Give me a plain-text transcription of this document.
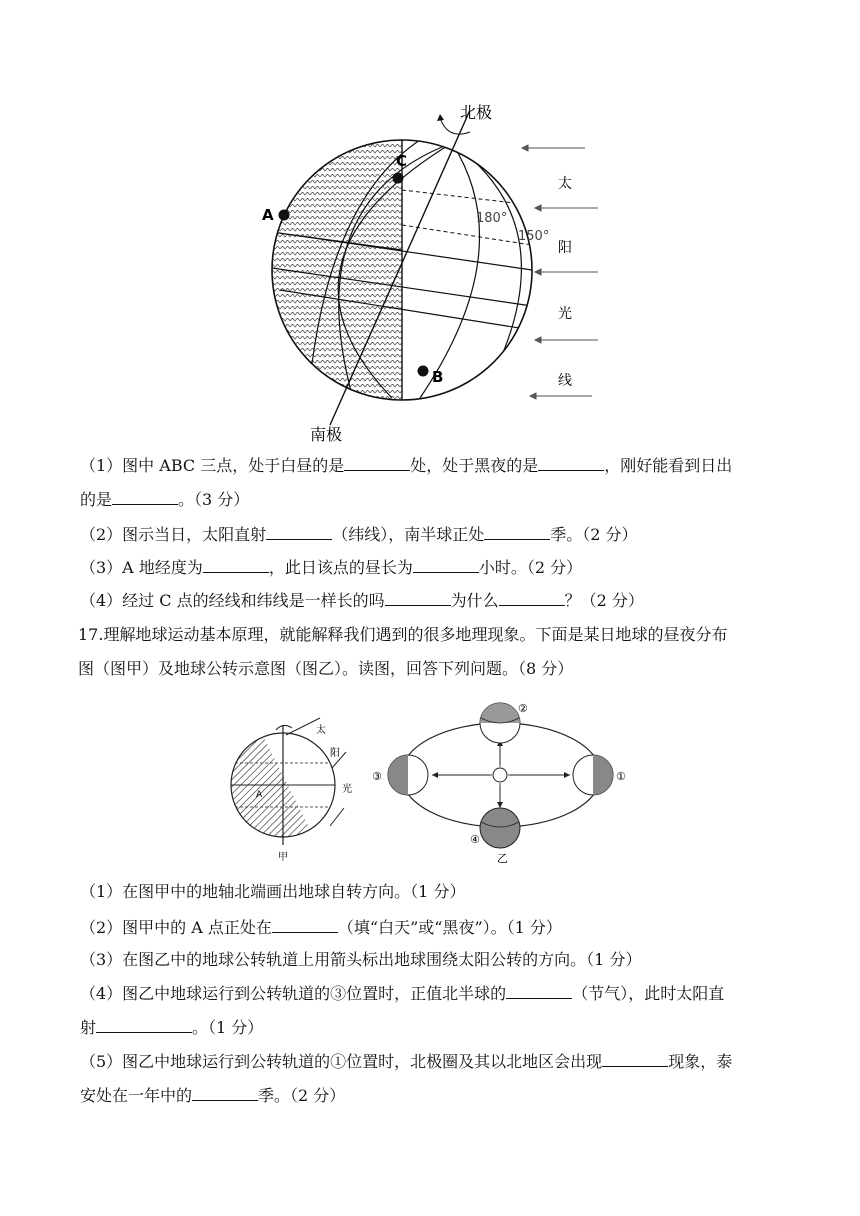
A
B
C
北极
南极
180°
150°
太
阳
光
线
（1）图中 ABC 三点，处于白昼的是	处，处于黑夜的是	，刚好能看到日出
的是	。（3 分）
（2）图示当日，太阳直射	（纬线），南半球正处	季。（2 分）
（3）A 地经度为	，此日该点的昼长为	小时。（2 分）
（4）经过 C 点的经线和纬线是一样长的吗	为什么	？（2 分）
17.理解地球运动基本原理，就能解释我们遇到的很多地理现象。下面是某日地球的昼夜分布
图（图甲）及地球公转示意图（图乙）。读图，回答下列问题。（8 分）
太
阳
光
A
甲
①
②
③
④
乙
（1）在图甲中的地轴北端画出地球自转方向。（1 分）
（2）图甲中的 A 点正处在	（填“白天”或“黑夜”）。（1 分）
（3）在图乙中的地球公转轨道上用箭头标出地球围绕太阳公转的方向。（1 分）
（4）图乙中地球运行到公转轨道的③位置时，正值北半球的	（节气），此时太阳直
射	。（1 分）
（5）图乙中地球运行到公转轨道的①位置时，北极圈及其以北地区会出现	现象，泰
安处在一年中的	季。（2 分）
